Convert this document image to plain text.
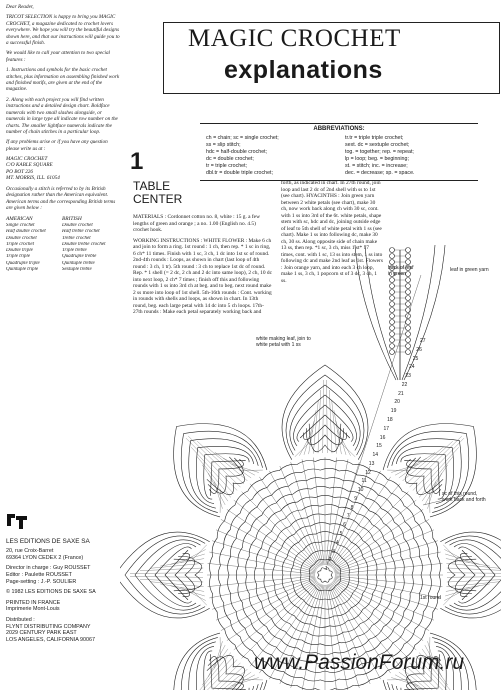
Dear Reader,

TRICOT SELECTION is happy to bring you MAGIC CROCHET, a magazine dedicated to crochet lovers everywhere. We hope you will try the beautiful designs shown here, and that our instructions will guide you to a successful finish.

We would like to call your attention to two special features :

1. Instructions and symbols for the basic crochet stitches, plus information on assembling finished work and finished motifs, are given at the end of the magazine.

2. Along with each project you will find written instructions and a detailed design chart. Boldface numerals with two small slashes alongside, or numerals in large type all indicate row number on the charts. The smaller lightface numerals indicate the number of chain stitches in a particular loop.

If any problems arise or if you have any question please write us at :

MAGIC CROCHET
C/O KABLE SQUARE
PO BOT 226
MT. MORRIS, ILL. 61054

Occasionally a stitch is referred to by its British designation rather than the American equivalent. American terms and the corresponding British terms are given below :

AMERICAN	BRITISH
Single crochet	Double crochet
Half double crochet	Half treble crochet
Double crochet	Treble crochet
Triple crochet	Double treble crochet
Double triple	Triple treble
Triple triple	Quadruple treble
Quadruple triple	Quintuple treble
Quintuple triple	Sextuple treble
LES EDITIONS DE SAXE SA
20, rue Croix-Barret
69364 LYON CEDEX 2 (France)
Director in charge : Guy ROUSSET
Editor : Paulette ROUSSET
Page-setting : J.-P. SOULIER
© 1982 LES EDITIONS DE SAXE SA
PRINTED IN FRANCE
Imprimerie Mont-Louis
Distributed :
FLYNT DISTRIBUTING COMPANY
2029 CENTURY PARK EAST
LOS ANGELES, CALIFORNIA 90067
MAGIC CROCHET
explanations
ABBREVIATIONS:
ch = chain; sc = single crochet;
ss = slip stitch;
hdc = half-double crochet;
dc = double crochet;
tr = triple crochet;
dbl.tr = double triple crochet;
tr.tr = triple triple crochet;
sext. dc = sextuple crochet;
tog. = together; rep. = repeat;
lp = loop; beg. = beginning;
st. = stitch; inc. = increase;
dec. = decrease; sp. = space.
1
TABLE
CENTER
back of leaf
in green
leaf in green yarn
white making leaf, join to
white petal with 1 ss
sc of this round,
work back and forth
1st round
27
26
25
24
23
22
21
20
19
18
17
16
15
14
13
12
11
10
9
8
7
6
5
4
3
2
1
MATERIALS : Cordonnet cotton no. 8, white : 15 g. a few lengths of green and orange ; a no. 1.00 (English no. 4.5) crochet hook.
WORKING INSTRUCTIONS : WHITE FLOWER : Make 6 ch and join to form a ring. 1st round : 1 ch, then rep. * 1 sc in ring, 6 ch* 11 times. Finish with 1 sc, 3 ch, 1 dc into 1st sc of round. 2nd-4th rounds : Loops, as shown in chart (last loop of 4th round : 3 ch, 1 tr). 5th round : 3 ch to replace 1st dc of round. Rep. * 1 shell (= 2 dc, 2 ch and 2 dc into same loop), 2 ch, 10 dc into next loop, 2 ch* 7 times ; finish off this and following rounds with 1 ss into 3rd ch at beg. and to beg. next round make 2 ss more into loop of 1st shell. 5th-16th rounds : Cont. working in rounds with shells and loops, as shown in chart. In 13th round, beg. each large petal with 14 dc into 5 ch loops. 17th-27th rounds : Make each petal separately working back and
forth, as indicated in chart. In 27th round, join loop and last 2 dc of 2nd shell with ss to 1st (see chart). HYACINTHS : Join green yarn between 2 white petals (see chart), make 30 ch, now work back along ch with 30 sc, cont. with 1 ss into 3rd of the 6t. white petals, shape stem with sc, hdc and dc, joining outside edge of leaf to 5th shell of white petal with 1 ss (see chart). Make 1 ss into following dc, make 30 ch, 30 ss. Along opposite side of chain make 13 ss, then rep. *1 sc, 3 ch, miss 1 st* 17 times, cont. with 1 sc, 13 ss into stem, 1 ss into following dc and make 2nd leaf as 1st. Flowers : Join orange yarn, and into each 3 ch loop, make 1 ss, 3 ch, 1 popcorn st of 3 dc, 3 ch, 1 ss.
www.PassionForum.ru
